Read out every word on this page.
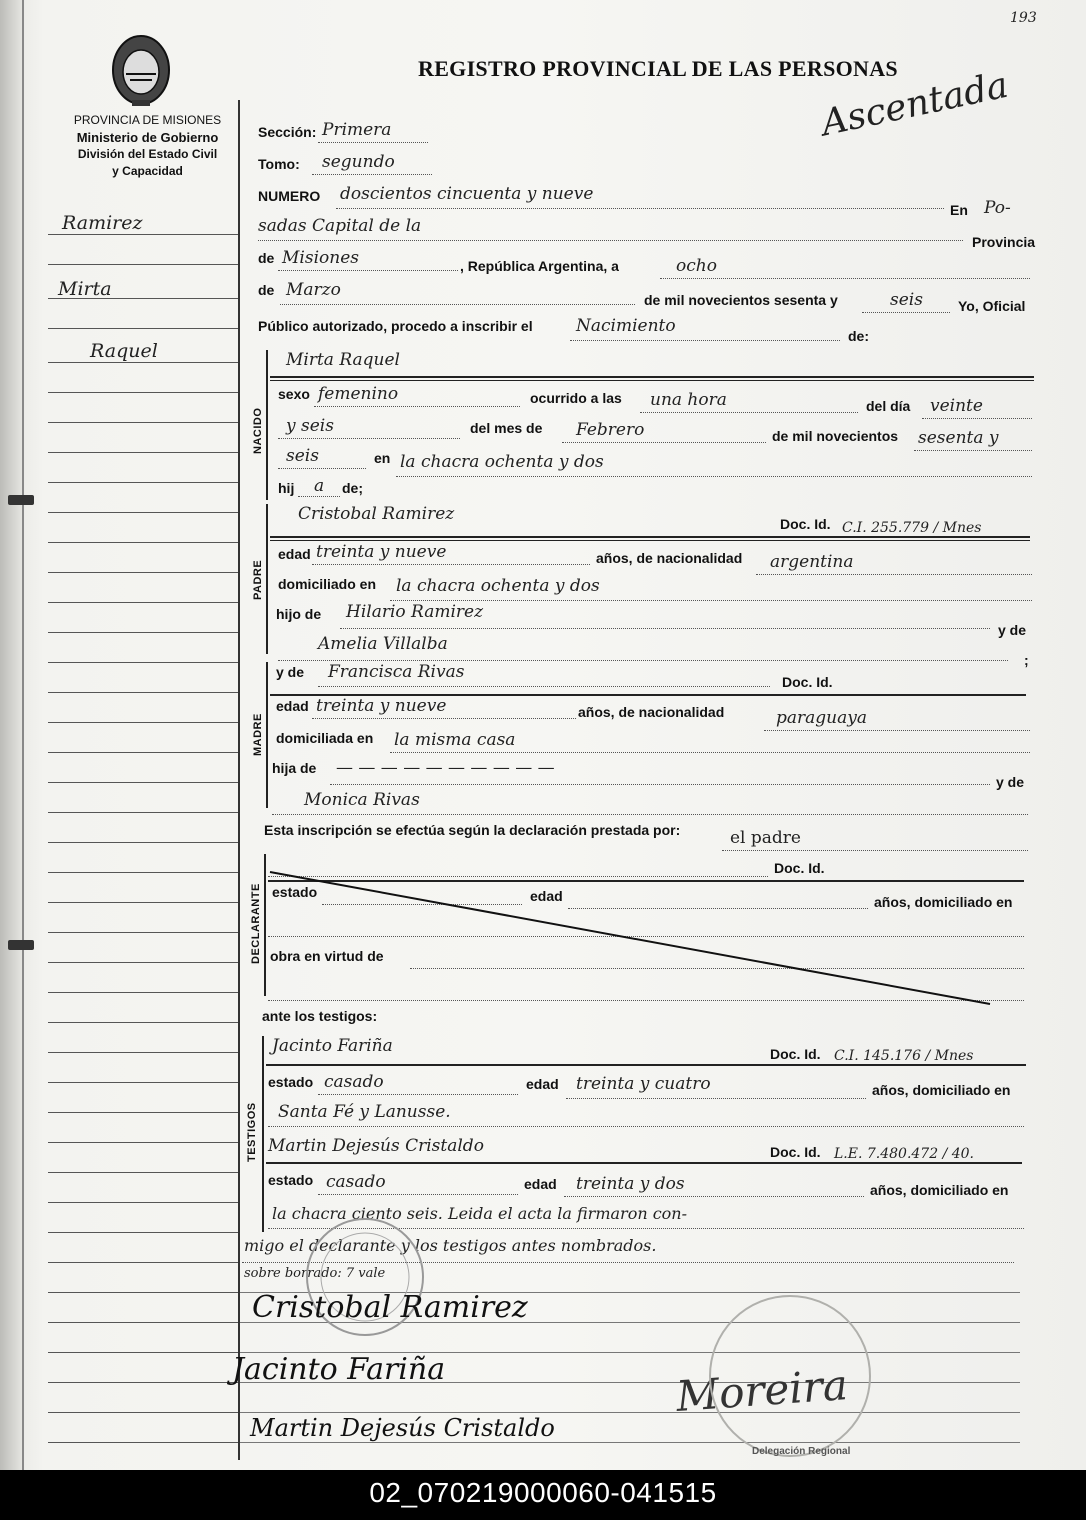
PROVINCIA DE MISIONES
Ministerio de Gobierno
División del Estado Civil
y Capacidad
REGISTRO PROVINCIAL DE LAS PERSONAS
Ascentada
193
Ramirez
Mirta
Raquel
Sección: Primera
Tomo: segundo
NUMERO doscientos cincuenta y nueve
En Po-
sadas Capital de la
Provincia
de Misiones	, República Argentina, a	ocho
de Marzo	de mil novecientos sesenta y	seis	Yo, Oficial
Público autorizado, procedo a inscribir el	Nacimiento	de:
NACIDO
Mirta Raquel
sexo femenino	ocurrido a las una hora	del día veinte
y seis	del mes de Febrero	de mil novecientos sesenta y
seis	en la chacra ochenta y dos
hij a de;
PADRE
Cristobal Ramirez	Doc. Id. C.I. 255.779 / Mnes
edad treinta y nueve	años, de nacionalidad argentina
domiciliado en la chacra ochenta y dos
hijo de Hilario Ramirez
y de
Amelia Villalba
;
MADRE
y de Francisca Rivas	Doc. Id.
edad treinta y nueve	años, de nacionalidad	paraguaya
domiciliada en la misma casa
hija de — — — — — — — — — —
y de
Monica Rivas
Esta inscripción se efectúa según la declaración prestada por:	el padre
DECLARANTE
Doc. Id.
estado	edad	años, domiciliado en
obra en virtud de
ante los testigos:
TESTIGOS
Jacinto Fariña	Doc. Id. C.I. 145.176 / Mnes
estado casado	edad treinta y cuatro	años, domiciliado en
Santa Fé y Lanusse.
Martin Dejesús Cristaldo	Doc. Id. L.E. 7.480.472 / 40.
estado casado	edad treinta y dos	años, domiciliado en
la chacra ciento seis. Leida el acta la firmaron con-
migo el declarante y los testigos antes nombrados.
sobre borrado: 7 vale
Cristobal Ramirez
Jacinto Fariña
Martin Dejesús Cristaldo
Moreira
Delegación Regional
02_070219000060-041515
